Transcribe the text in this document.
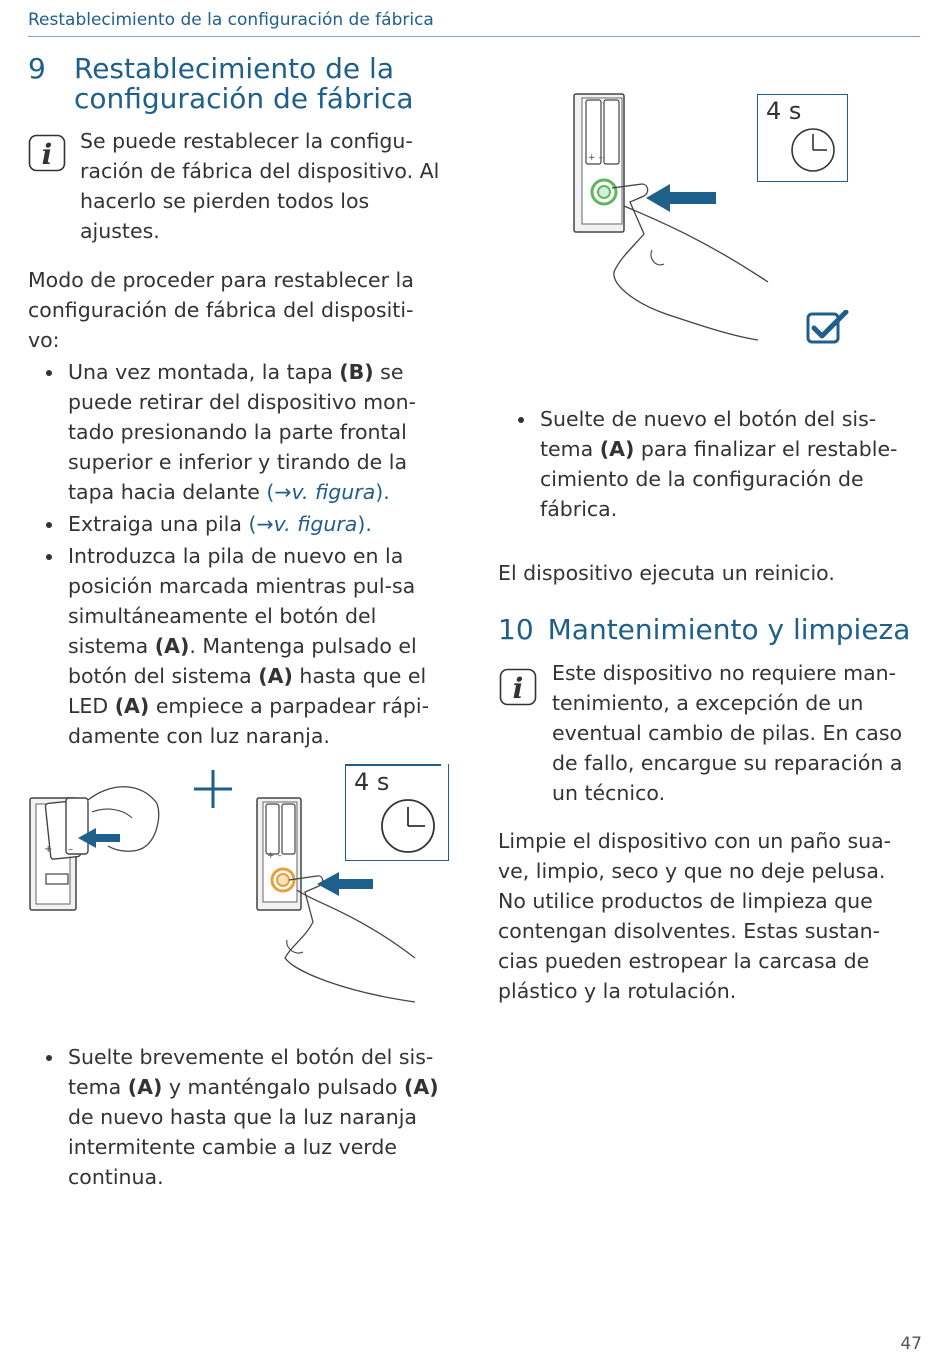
Restablecimiento de la configuración de fábrica
9 Restablecimiento de la configuración de fábrica
i Se puede restablecer la configu-ración de fábrica del dispositivo. Al hacerlo se pierden todos los ajustes.

Modo de proceder para restablecer la configuración de fábrica del dispositi-vo:

Una vez montada, la tapa (B) se puede retirar del dispositivo mon-tado presionando la parte frontal superior e inferior y tirando de la tapa hacia delante (→v. figura).
Extraiga una pila (→v. figura).
Introduzca la pila de nuevo en la posición marcada mientras pul-sa simultáneamente el botón del sistema (A). Mantenga pulsado el botón del sistema (A) hasta que el LED (A) empiece a parpadear rápi-damente con luz naranja.
+ –
+ –
4 s
Suelte brevemente el botón del sis-tema (A) y manténgalo pulsado (A) de nuevo hasta que la luz naranja intermitente cambie a luz verde continua.
+ –
4 s
Suelte de nuevo el botón del sis-tema (A) para finalizar el restable-cimiento de la configuración de fábrica.

El dispositivo ejecuta un reinicio.

10 Mantenimiento y limpieza
i Este dispositivo no requiere man-tenimiento, a excepción de un eventual cambio de pilas. En caso de fallo, encargue su reparación a un técnico.

Limpie el dispositivo con un paño sua-ve, limpio, seco y que no deje pelusa. No utilice productos de limpieza que contengan disolventes. Estas sustan-cias pueden estropear la carcasa de plástico y la rotulación.

47
